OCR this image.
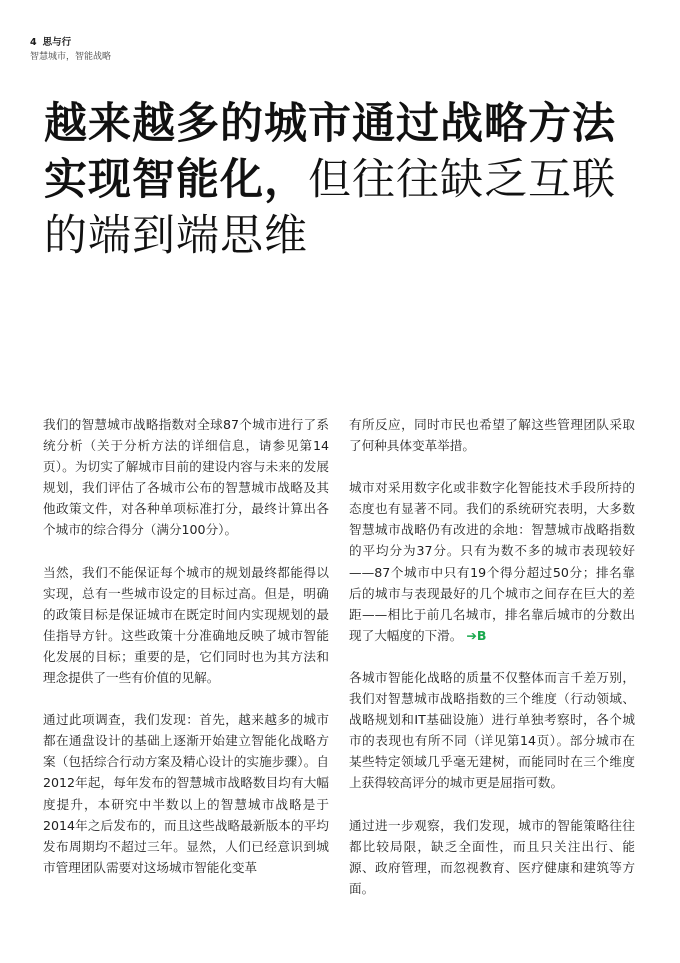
4 思与行
智慧城市，智能战略
越来越多的城市通过战略方法实现智能化，但往往缺乏互联的端到端思维

我们的智慧城市战略指数对全球87个城市进行了系统分析（关于分析方法的详细信息，请参见第14页）。为切实了解城市目前的建设内容与未来的发展规划，我们评估了各城市公布的智慧城市战略及其他政策文件，对各种单项标准打分，最终计算出各个城市的综合得分（满分100分）。

当然，我们不能保证每个城市的规划最终都能得以实现，总有一些城市设定的目标过高。但是，明确的政策目标是保证城市在既定时间内实现规划的最佳指导方针。这些政策十分准确地反映了城市智能化发展的目标；重要的是，它们同时也为其方法和理念提供了一些有价值的见解。

通过此项调查，我们发现：首先，越来越多的城市都在通盘设计的基础上逐渐开始建立智能化战略方案（包括综合行动方案及精心设计的实施步骤）。自2012年起，每年发布的智慧城市战略数目均有大幅度提升，本研究中半数以上的智慧城市战略是于2014年之后发布的，而且这些战略最新版本的平均发布周期均不超过三年。显然，人们已经意识到城市管理团队需要对这场城市智能化变革

有所反应，同时市民也希望了解这些管理团队采取了何种具体变革举措。

城市对采用数字化或非数字化智能技术手段所持的态度也有显著不同。我们的系统研究表明，大多数智慧城市战略仍有改进的余地：智慧城市战略指数的平均分为37分。只有为数不多的城市表现较好——87个城市中只有19个得分超过50分；排名靠后的城市与表现最好的几个城市之间存在巨大的差距——相比于前几名城市，排名靠后城市的分数出现了大幅度的下滑。 ➔B

各城市智能化战略的质量不仅整体而言千差万别，我们对智慧城市战略指数的三个维度（行动领域、战略规划和IT基础设施）进行单独考察时，各个城市的表现也有所不同（详见第14页）。部分城市在某些特定领域几乎毫无建树，而能同时在三个维度上获得较高评分的城市更是屈指可数。

通过进一步观察，我们发现，城市的智能策略往往都比较局限，缺乏全面性，而且只关注出行、能源、政府管理，而忽视教育、医疗健康和建筑等方面。
